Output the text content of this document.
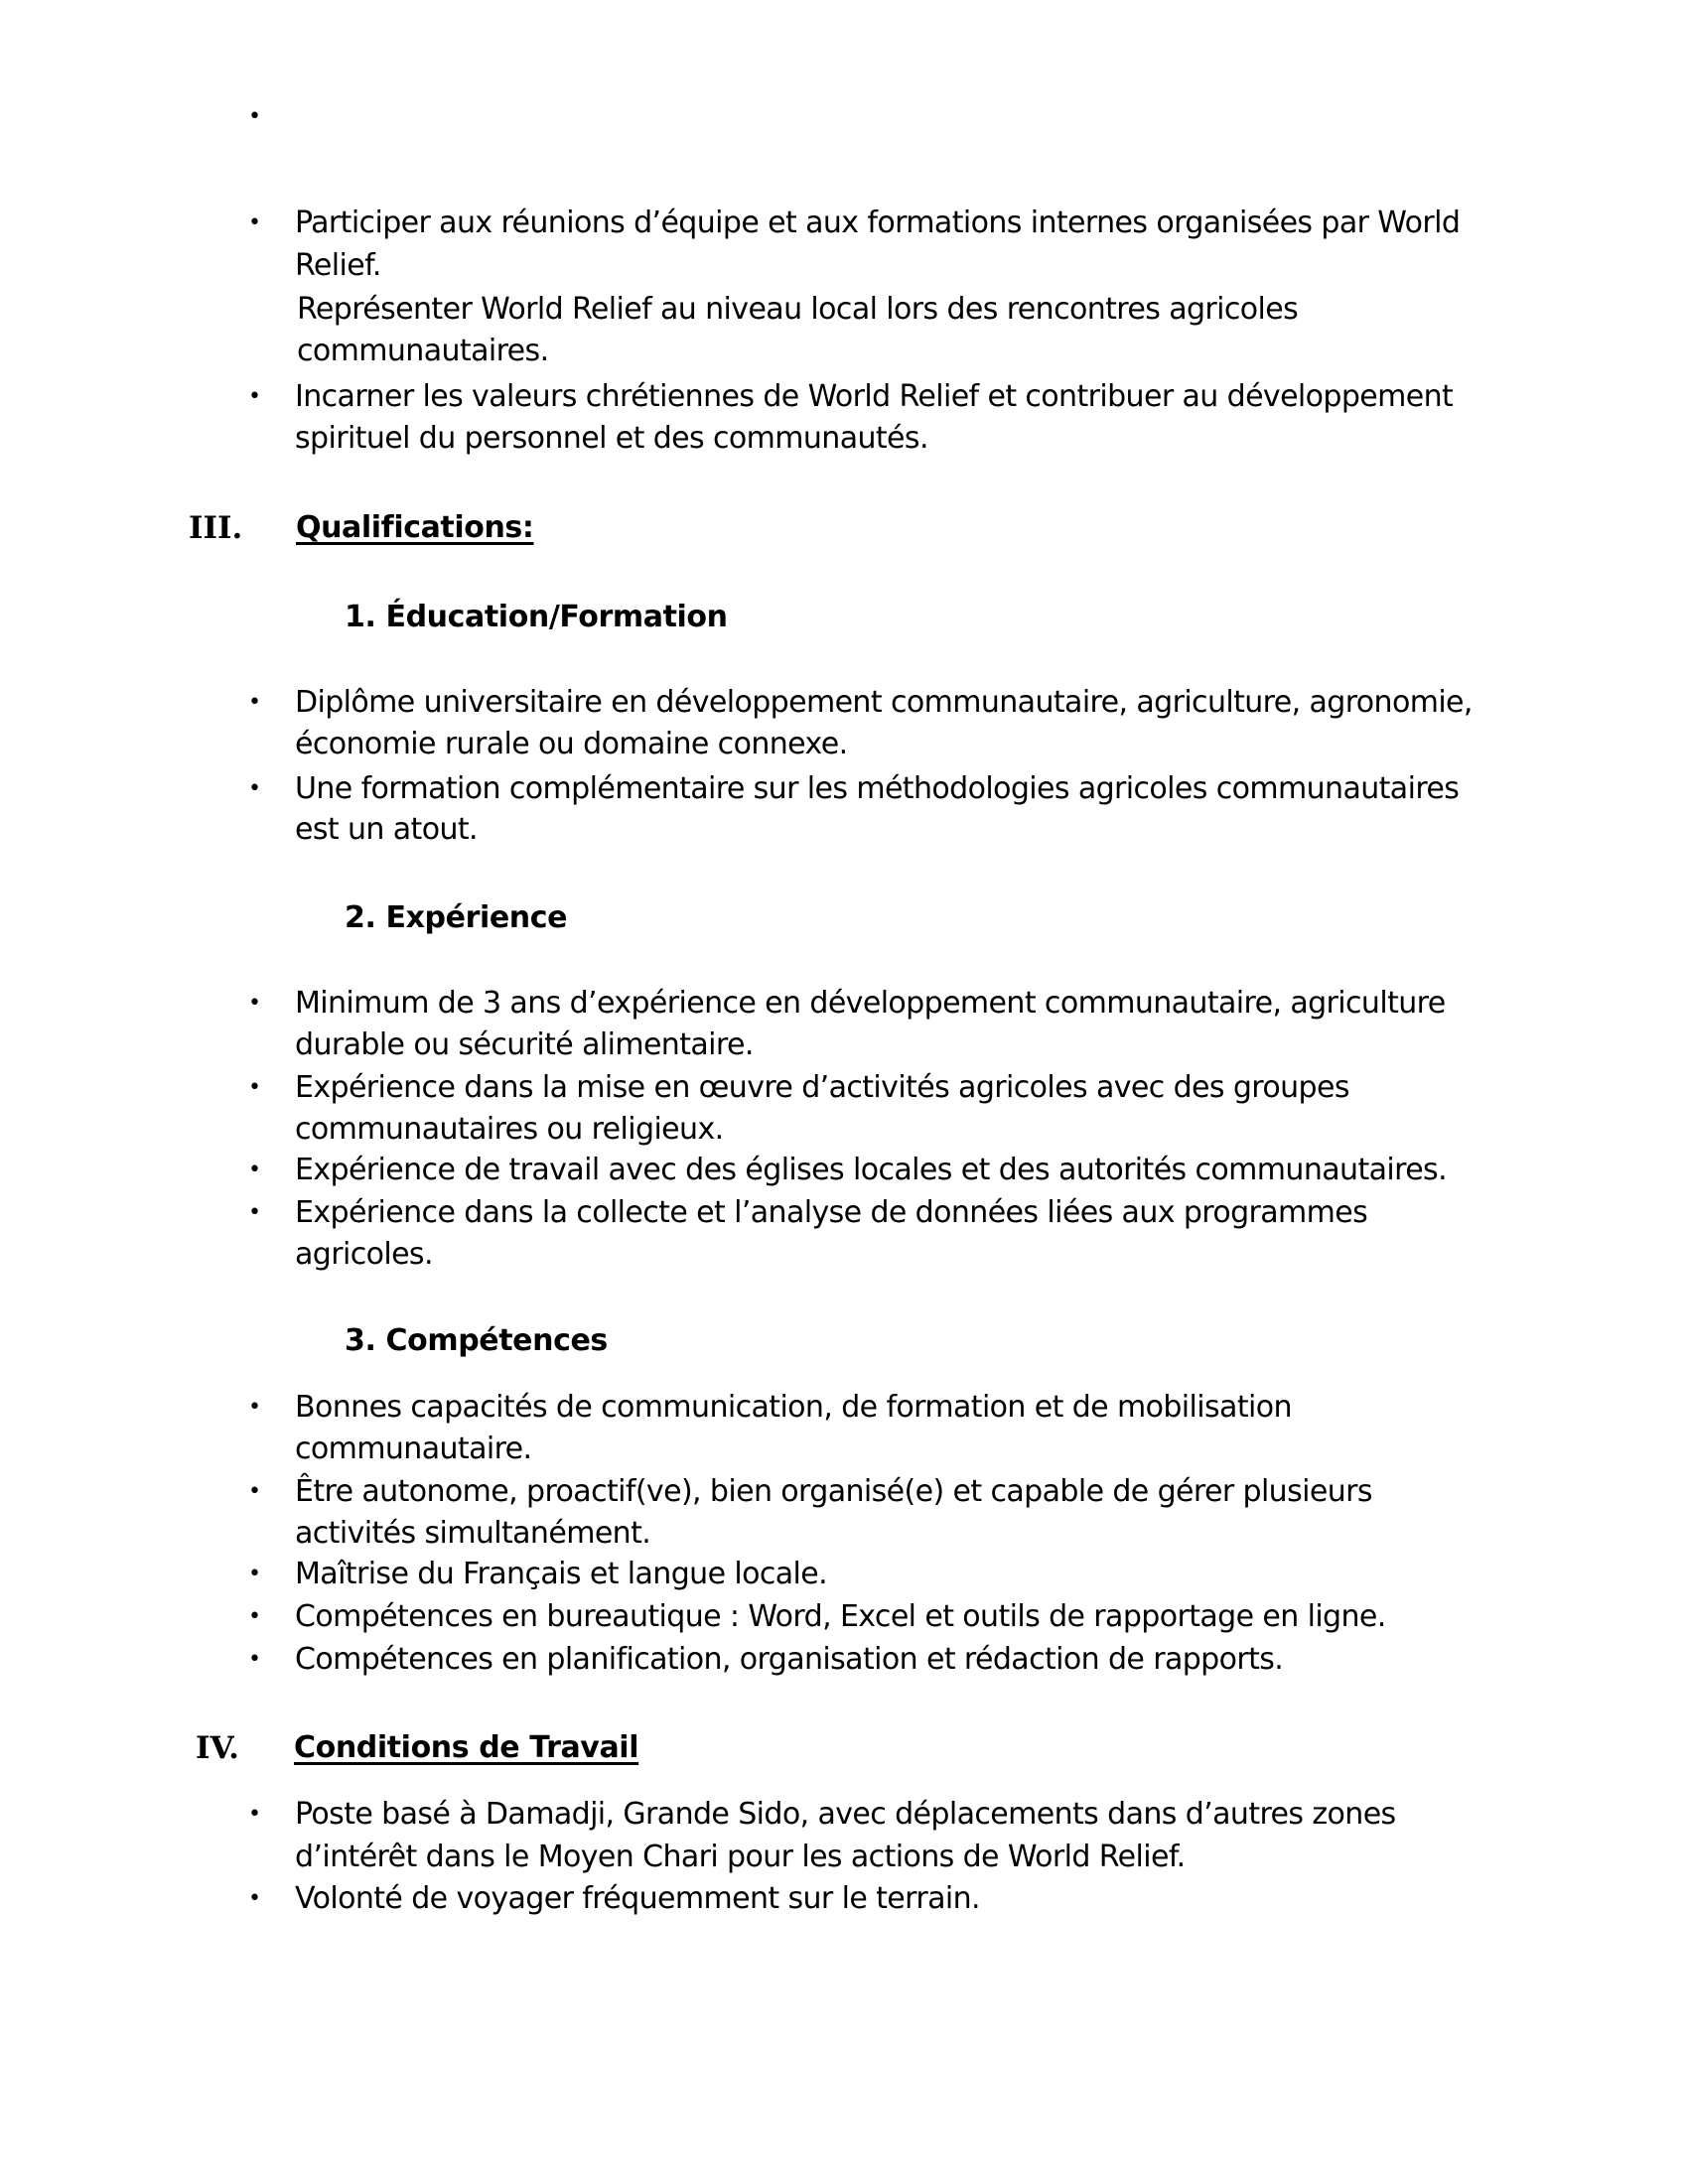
•
• Participer aux réunions d’équipe et aux formations internes organisées par World
Relief.
Représenter World Relief au niveau local lors des rencontres agricoles
communautaires.
• Incarner les valeurs chrétiennes de World Relief et contribuer au développement
spirituel du personnel et des communautés.
III. Qualifications:
1. Éducation/Formation
• Diplôme universitaire en développement communautaire, agriculture, agronomie,
économie rurale ou domaine connexe.
• Une formation complémentaire sur les méthodologies agricoles communautaires
est un atout.
2. Expérience
• Minimum de 3 ans d’expérience en développement communautaire, agriculture
durable ou sécurité alimentaire.
• Expérience dans la mise en œuvre d’activités agricoles avec des groupes
communautaires ou religieux.
• Expérience de travail avec des églises locales et des autorités communautaires.
• Expérience dans la collecte et l’analyse de données liées aux programmes
agricoles.
3. Compétences
• Bonnes capacités de communication, de formation et de mobilisation
communautaire.
• Être autonome, proactif(ve), bien organisé(e) et capable de gérer plusieurs
activités simultanément.
• Maîtrise du Français et langue locale.
• Compétences en bureautique : Word, Excel et outils de rapportage en ligne.
• Compétences en planification, organisation et rédaction de rapports.
IV. Conditions de Travail
• Poste basé à Damadji, Grande Sido, avec déplacements dans d’autres zones
d’intérêt dans le Moyen Chari pour les actions de World Relief.
• Volonté de voyager fréquemment sur le terrain.
